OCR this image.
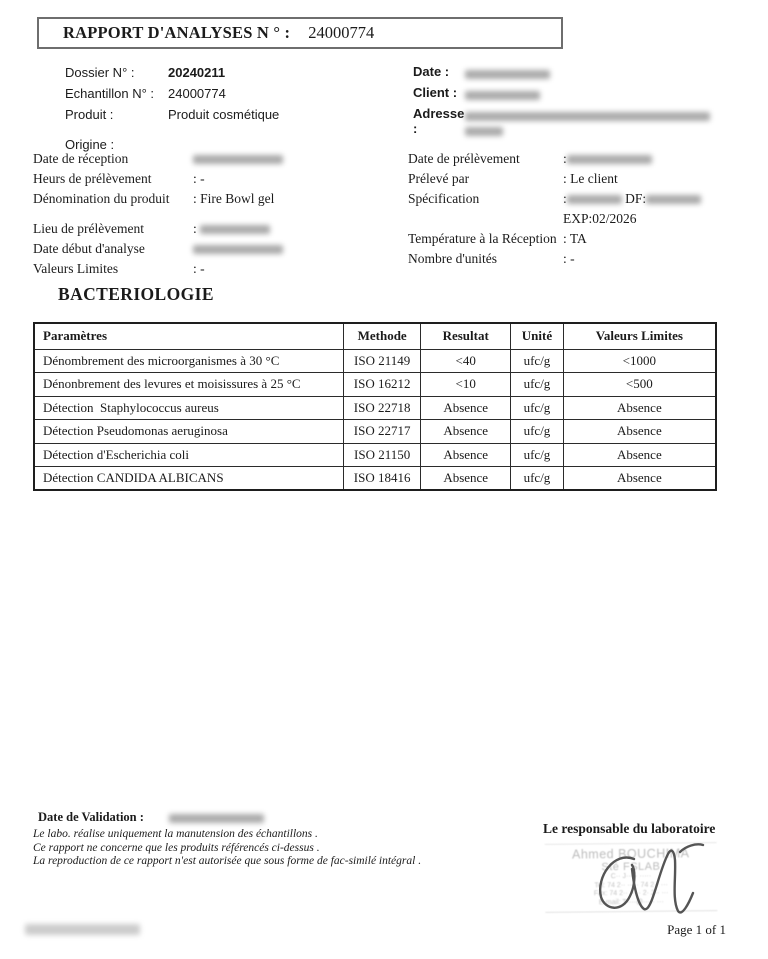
RAPPORT D'ANALYSES N ° : 24000774
Dossier N° :	20240211
Echantillon N° :	24000774
Produit :	Produit cosmétique
Origine :
Date :
Client :
Adresse
:

Date de réception
Heurs de prélèvement	: -
Dénomination du produit	: Fire Bowl gel
Lieu de prélèvement	:
Date début d'analyse
Valeurs Limites	: -
Date de prélèvement	:
Prélevé par	: Le client
Spécification	:	DF:
EXP:02/2026
Température à la Réception : TA
Nombre d'unités	: -
BACTERIOLOGIE
Paramètres	Methode	Resultat	Unité	Valeurs Limites
Dénombrement des microorganismes à 30 °C	ISO 21149	<40	ufc/g	<1000
Dénonbrement des levures et moisissures à 25 °C	ISO 16212	<10	ufc/g	<500
Détection  Staphylococcus aureus	ISO 22718	Absence	ufc/g	Absence
Détection Pseudomonas aeruginosa	ISO 22717	Absence	ufc/g	Absence
Détection d'Escherichia coli	ISO 21150	Absence	ufc/g	Absence
Détection CANDIDA ALBICANS	ISO 18416	Absence	ufc/g	Absence
Date de Validation :
Le labo. réalise uniquement la manutension des échantillons .
Ce rapport ne concerne que les produits référencés ci-dessus .
La reproduction de ce rapport n'est autorisée que sous forme de fac-similé intégral .
Le responsable du laboratoire
Ahmed BOUCHIMA
Sté FSLAB
C·· J····· ·····
Tel: 74 2·· ··· · 74 2·· ···
Fax: 74 2·· ··· · 2· 2·· ···
E-mail: T····@····· ···
Page 1 of 1
